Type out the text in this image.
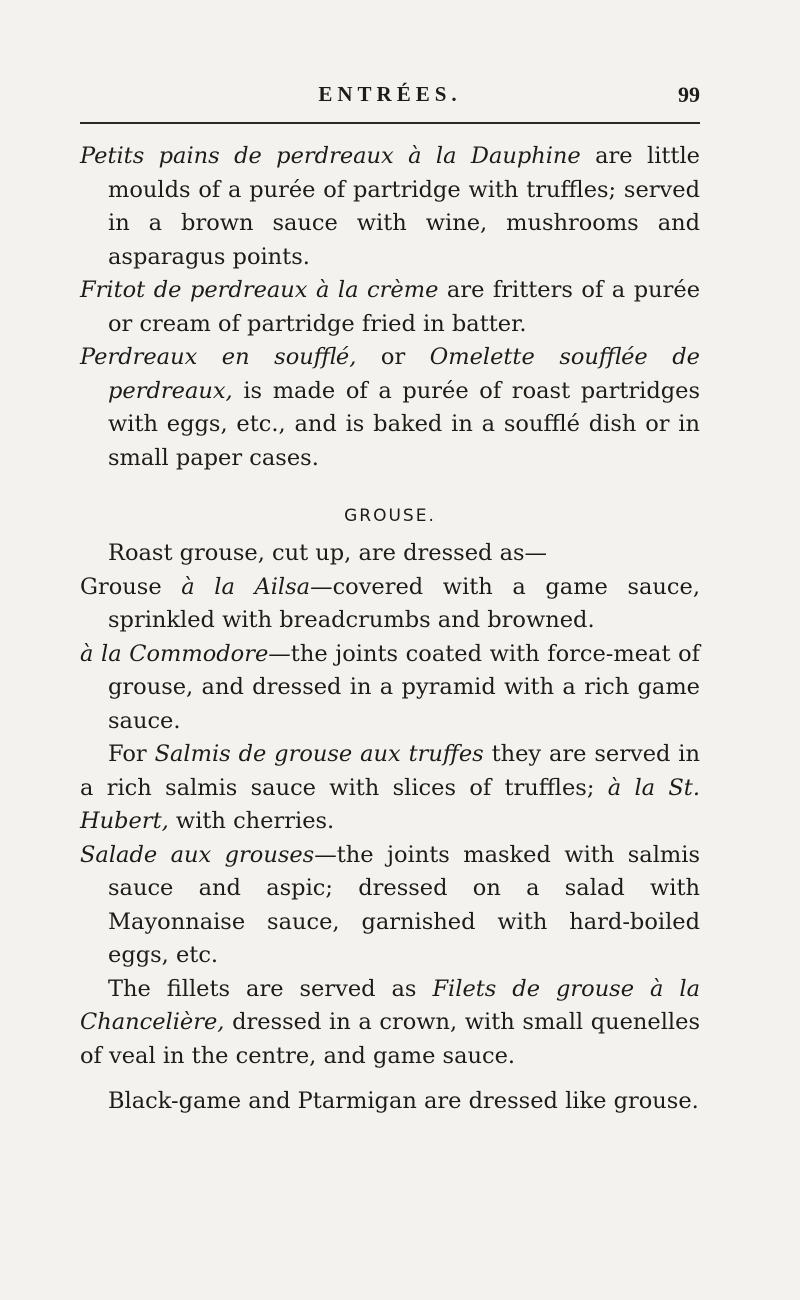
ENTRÉES.	99

Petits pains de perdreaux à la Dauphine are little moulds of a purée of partridge with truffles; served in a brown sauce with wine, mushrooms and asparagus points.

Fritot de perdreaux à la crème are fritters of a purée or cream of partridge fried in batter.

Perdreaux en soufflé, or Omelette soufflée de perdreaux, is made of a purée of roast partridges with eggs, etc., and is baked in a soufflé dish or in small paper cases.

GROUSE.

Roast grouse, cut up, are dressed as—

Grouse à la Ailsa—covered with a game sauce, sprinkled with breadcrumbs and browned.

à la Commodore—the joints coated with force-meat of grouse, and dressed in a pyramid with a rich game sauce.

For Salmis de grouse aux truffes they are served in a rich salmis sauce with slices of truffles; à la St. Hubert, with cherries.

Salade aux grouses—the joints masked with salmis sauce and aspic; dressed on a salad with Mayonnaise sauce, garnished with hard-boiled eggs, etc.

The fillets are served as Filets de grouse à la Chancelière, dressed in a crown, with small quenelles of veal in the centre, and game sauce.

Black-game and Ptarmigan are dressed like grouse.
